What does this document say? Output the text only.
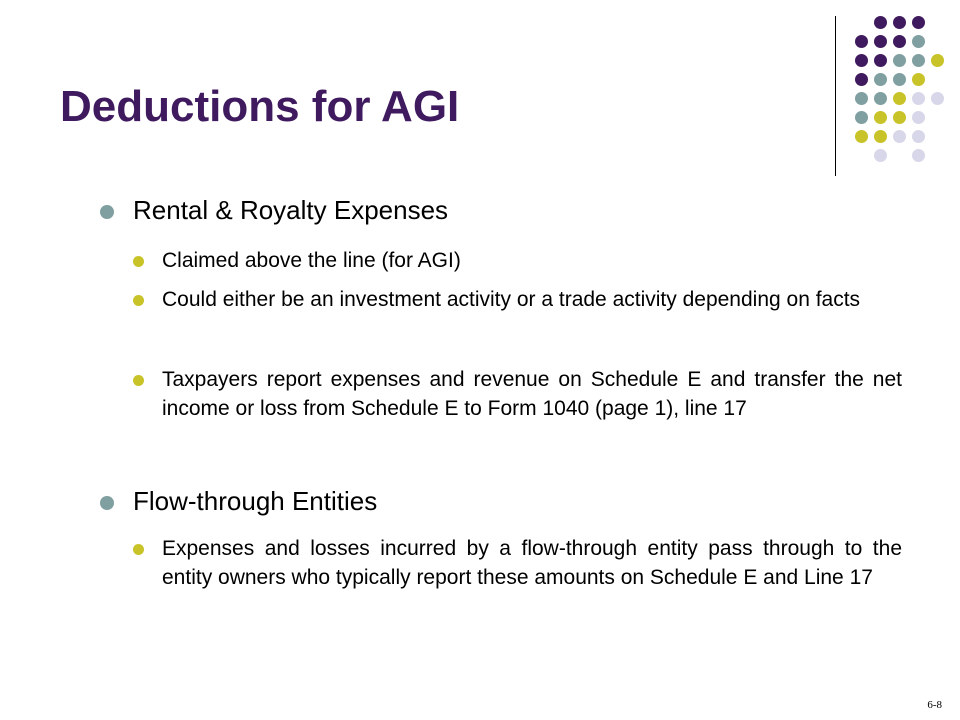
Deductions for AGI

Rental & Royalty Expenses

Claimed above the line (for AGI)

Could either be an investment activity or a trade activity depending on facts

Taxpayers report expenses and revenue on Schedule E and transfer the net income or loss from Schedule E to Form 1040 (page 1), line 17

Flow-through Entities

Expenses and losses incurred by a flow-through entity pass through to the entity owners who typically report these amounts on Schedule E and Line 17

6-8
